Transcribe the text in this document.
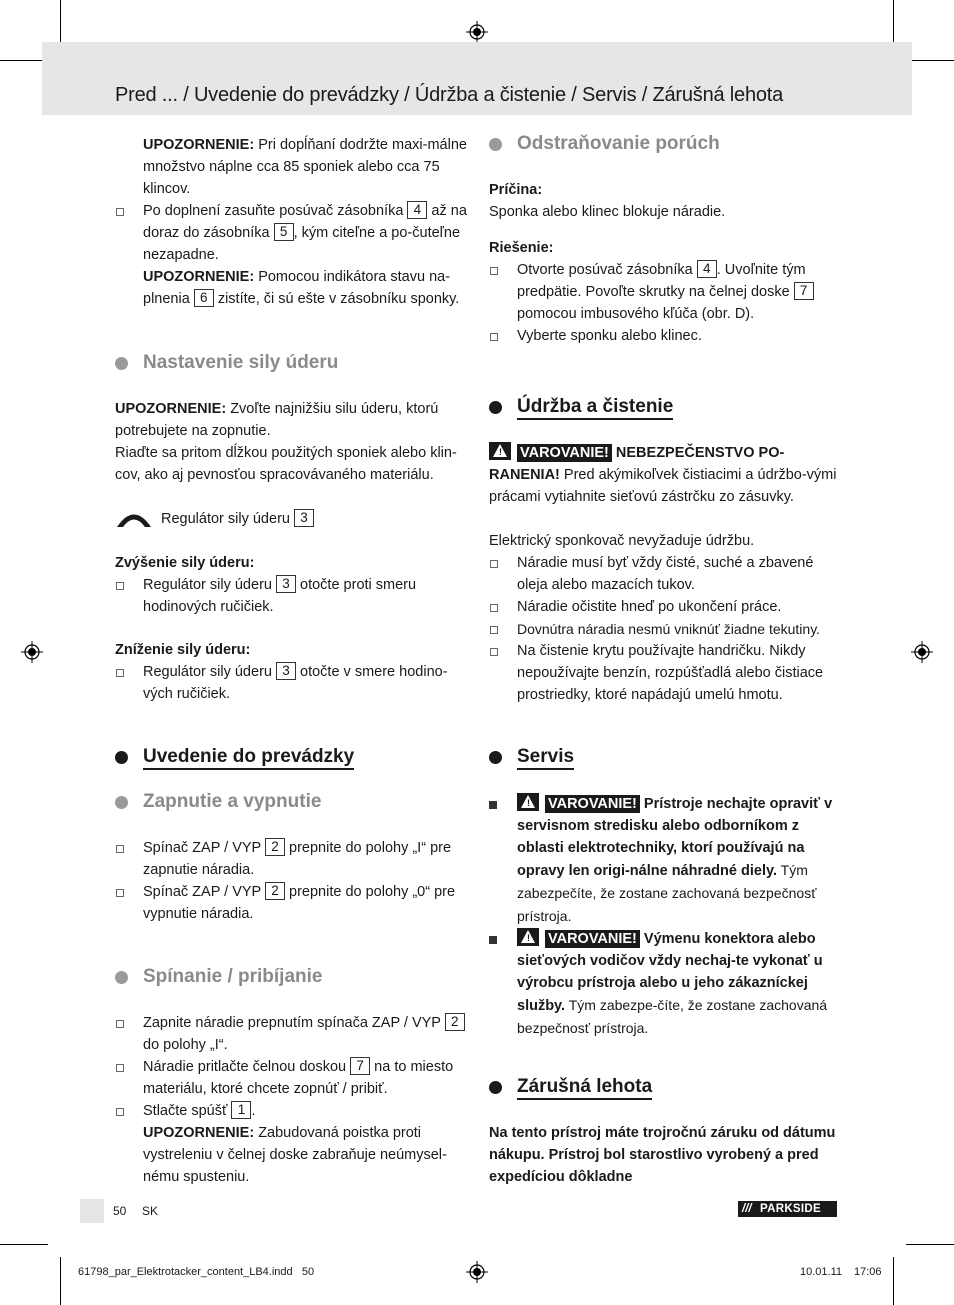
Pred ... / Uvedenie do prevádzky / Údržba a čistenie / Servis / Zárušná lehota

UPOZORNENIE: Pri dopĺňaní dodržte maxi-málne množstvo náplne cca 85 sponiek alebo cca 75 klincov.

Po doplnení zasuňte posúvač zásobníka 4 až na doraz do zásobníka 5 , kým citeľne a po-čuteľne nezapadne.

UPOZORNENIE: Pomocou indikátora stavu na-plnenia 6 zistíte, či sú ešte v zásobníku sponky.

Nastavenie sily úderu

UPOZORNENIE: Zvoľte najnižšiu silu úderu, ktorú potrebujete na zopnutie.

Riaďte sa pritom dĺžkou použitých sponiek alebo klin-cov, ako aj pevnosťou spracovávaného materiálu.

Regulátor sily úderu 3

Zvýšenie sily úderu:

Regulátor sily úderu 3 otočte proti smeru hodinových ručičiek.

Zníženie sily úderu:

Regulátor sily úderu 3 otočte v smere hodino-vých ručičiek.
Uvedenie do prevádzky
Zapnutie a vypnutie
Spínač ZAP / VYP 2 prepnite do polohy „I“ pre zapnutie náradia.
Spínač ZAP / VYP 2 prepnite do polohy „0“ pre vypnutie náradia.
Spínanie / pribíjanie
Zapnite náradie prepnutím spínača ZAP / VYP 2 do polohy „I“.
Náradie pritlačte čelnou doskou 7 na to miesto materiálu, ktoré chcete zopnúť / pribiť.
Stlačte spúšť 1 .

UPOZORNENIE: Zabudovaná poistka proti vystreleniu v čelnej doske zabraňuje neúmysel-nému spusteniu.

Odstraňovanie porúch

Príčina:

Sponka alebo klinec blokuje náradie.

Riešenie:

Otvorte posúvač zásobníka 4 . Uvoľnite tým predpätie. Povoľte skrutky na čelnej doske 7 pomocou imbusového kľúča (obr. D).
Vyberte sponku alebo klinec.
Údržba a čistenie

! VAROVANIE! NEBEZPEČENSTVO PO-RANENIA! Pred akýmikoľvek čistiacimi a údržbo-vými prácami vytiahnite sieťovú zástrčku zo zásuvky.

Elektrický sponkovač nevyžaduje údržbu.

Náradie musí byť vždy čisté, suché a zbavené oleja alebo mazacích tukov.
Náradie očistite hneď po ukončení práce.
Dovnútra náradia nesmú vniknúť žiadne tekutiny.
Na čistenie krytu používajte handričku. Nikdy nepoužívajte benzín, rozpúšťadlá alebo čistiace prostriedky, ktoré napádajú umelú hmotu.
Servis
! VAROVANIE! Prístroje nechajte opraviť v servisnom stredisku alebo odborníkom z oblasti elektrotechniky, ktorí používajú na opravy len origi-nálne náhradné diely. Tým zabezpečíte, že zostane zachovaná bezpečnosť prístroja.
! VAROVANIE! Výmenu konektora alebo sieťových vodičov vždy nechaj-te vykonať u výrobcu prístroja alebo u jeho zákazníckej služby. Tým zabezpe-číte, že zostane zachovaná bezpečnosť prístroja.
Zárušná lehota
Na tento prístroj máte trojročnú záruku od dátumu nákupu. Prístroj bol starostlivo vyrobený a pred expedíciou dôkladne
50 SK	/// PARKSIDE
61798_par_Elektrotacker_content_LB4.indd   50	10.01.11 17:06
